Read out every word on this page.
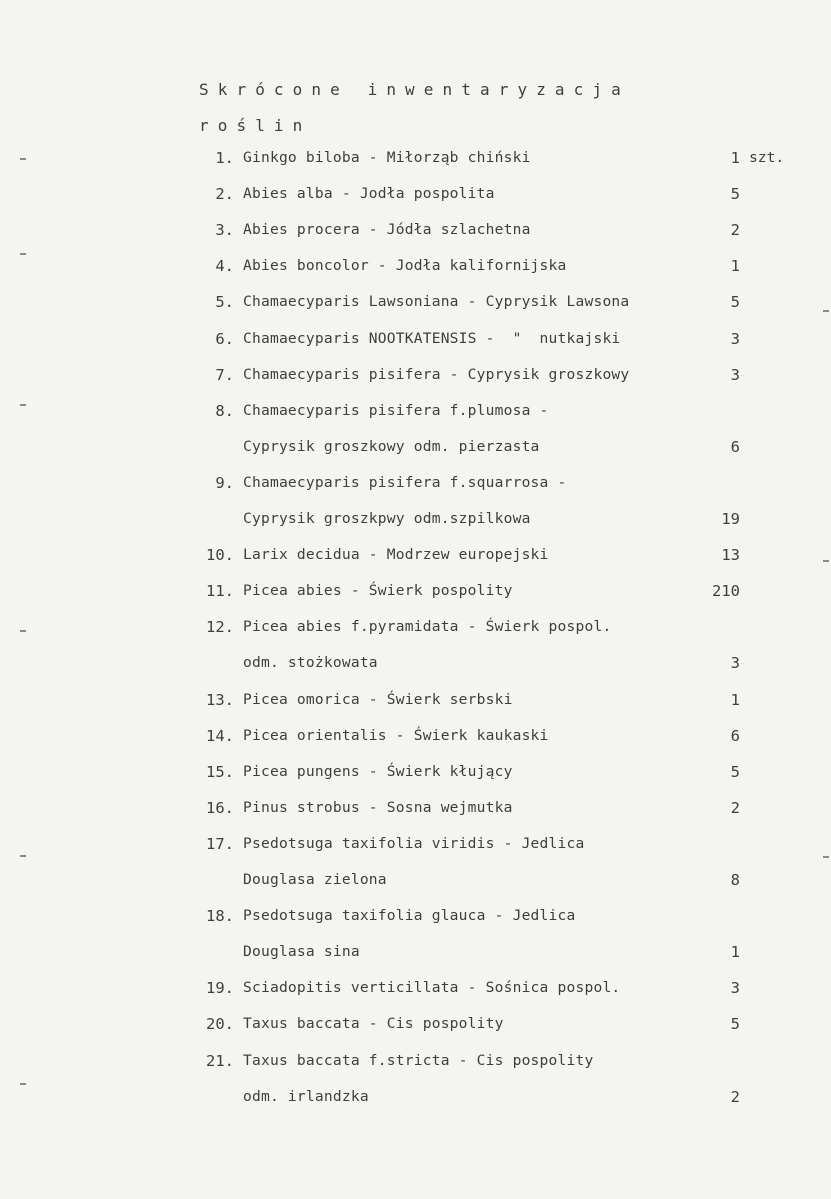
Skrócone inwentaryzacja
roślin
1. Ginkgo biloba - Miłorząb chiński	1 szt.
2. Abies alba - Jodła pospolita	5
3. Abies procera - Jódła szlachetna	2
4. Abies boncolor - Jodła kalifornijska	1
5. Chamaecyparis Lawsoniana - Cyprysik Lawsona	5
6. Chamaecyparis NOOTKATENSIS -  "  nutkajski	3
7. Chamaecyparis pisifera - Cyprysik groszkowy	3
8. Chamaecyparis pisifera f.plumosa -
Cyprysik groszkowy odm. pierzasta	6
9. Chamaecyparis pisifera f.squarrosa -
Cyprysik groszkpwy odm.szpilkowa	19
10. Larix decidua - Modrzew europejski	13
11. Picea abies - Świerk pospolity	210
12. Picea abies f.pyramidata - Świerk pospol.
odm. stożkowata	3
13. Picea omorica - Świerk serbski	1
14. Picea orientalis - Świerk kaukaski	6
15. Picea pungens - Świerk kłujący	5
16. Pinus strobus - Sosna wejmutka	2
17. Psedotsuga taxifolia viridis - Jedlica
Douglasa zielona	8
18. Psedotsuga taxifolia glauca - Jedlica
Douglasa sina	1
19. Sciadopitis verticillata - Sośnica pospol.	3
20. Taxus baccata - Cis pospolity	5
21. Taxus baccata f.stricta - Cis pospolity
odm. irlandzka	2
